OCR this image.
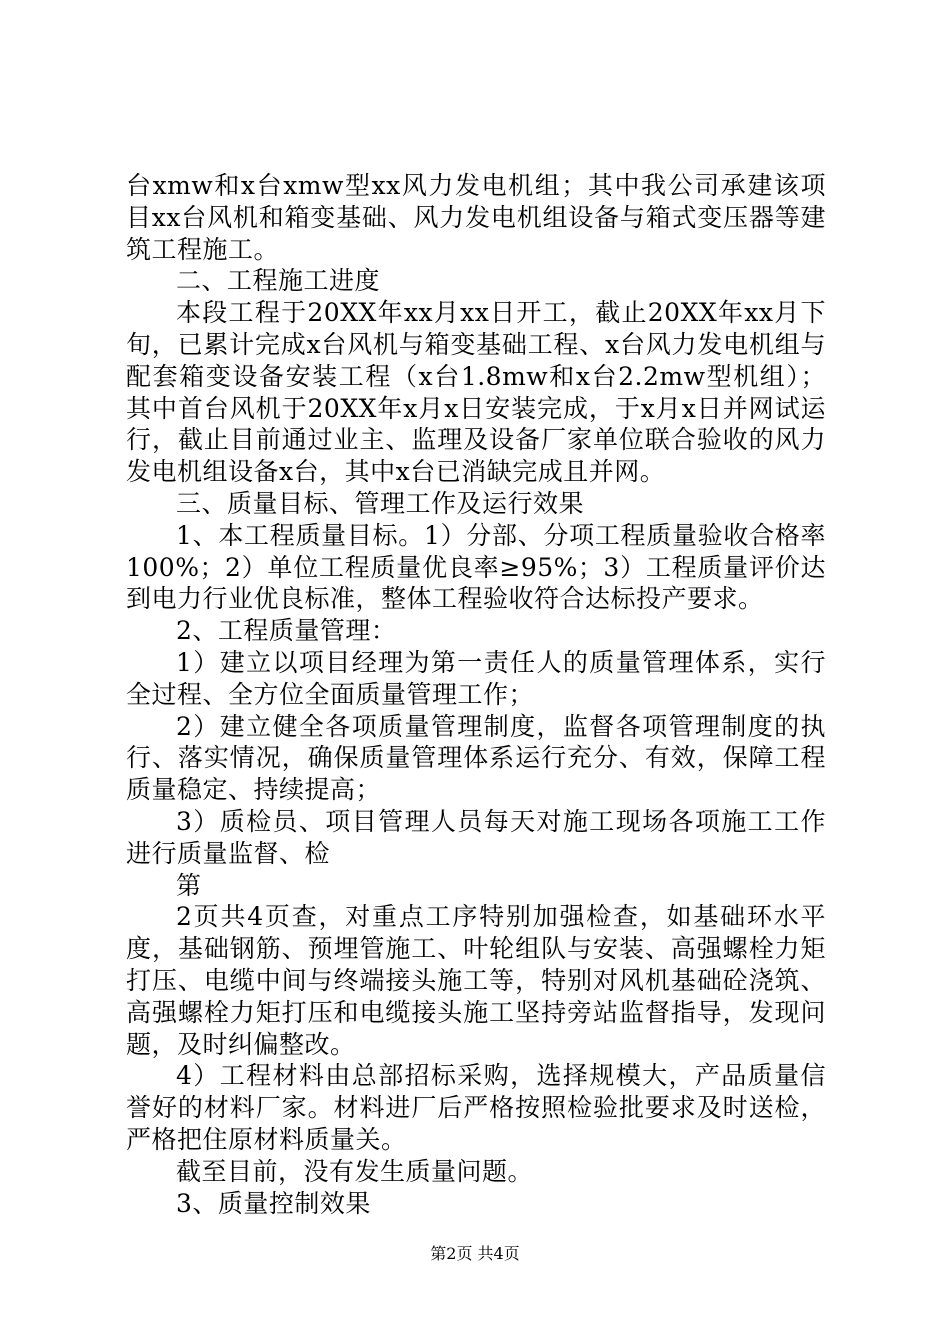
台xmw和x台xmw型xx风力发电机组；其中我公司承建该项目xx台风机和箱变基础、风力发电机组设备与箱式变压器等建筑工程施工。

二、工程施工进度

本段工程于20XX年xx月xx日开工，截止20XX年xx月下旬，已累计完成x台风机与箱变基础工程、x台风力发电机组与配套箱变设备安装工程（x台1.8mw和x台2.2mw型机组）；其中首台风机于20XX年x月x日安装完成，于x月x日并网试运行，截止目前通过业主、监理及设备厂家单位联合验收的风力发电机组设备x台，其中x台已消缺完成且并网。

三、质量目标、管理工作及运行效果

1、本工程质量目标。1）分部、分项工程质量验收合格率100%；2）单位工程质量优良率≥95%；3）工程质量评价达到电力行业优良标准，整体工程验收符合达标投产要求。

2、工程质量管理：

1）建立以项目经理为第一责任人的质量管理体系，实行全过程、全方位全面质量管理工作；

2）建立健全各项质量管理制度，监督各项管理制度的执行、落实情况，确保质量管理体系运行充分、有效，保障工程质量稳定、持续提高；

3）质检员、项目管理人员每天对施工现场各项施工工作进行质量监督、检

第

2页共4页查，对重点工序特别加强检查，如基础环水平度，基础钢筋、预埋管施工、叶轮组队与安装、高强螺栓力矩打压、电缆中间与终端接头施工等，特别对风机基础砼浇筑、高强螺栓力矩打压和电缆接头施工坚持旁站监督指导，发现问题，及时纠偏整改。

4）工程材料由总部招标采购，选择规模大，产品质量信誉好的材料厂家。材料进厂后严格按照检验批要求及时送检，严格把住原材料质量关。

截至目前，没有发生质量问题。

3、质量控制效果

第2页 共4页
